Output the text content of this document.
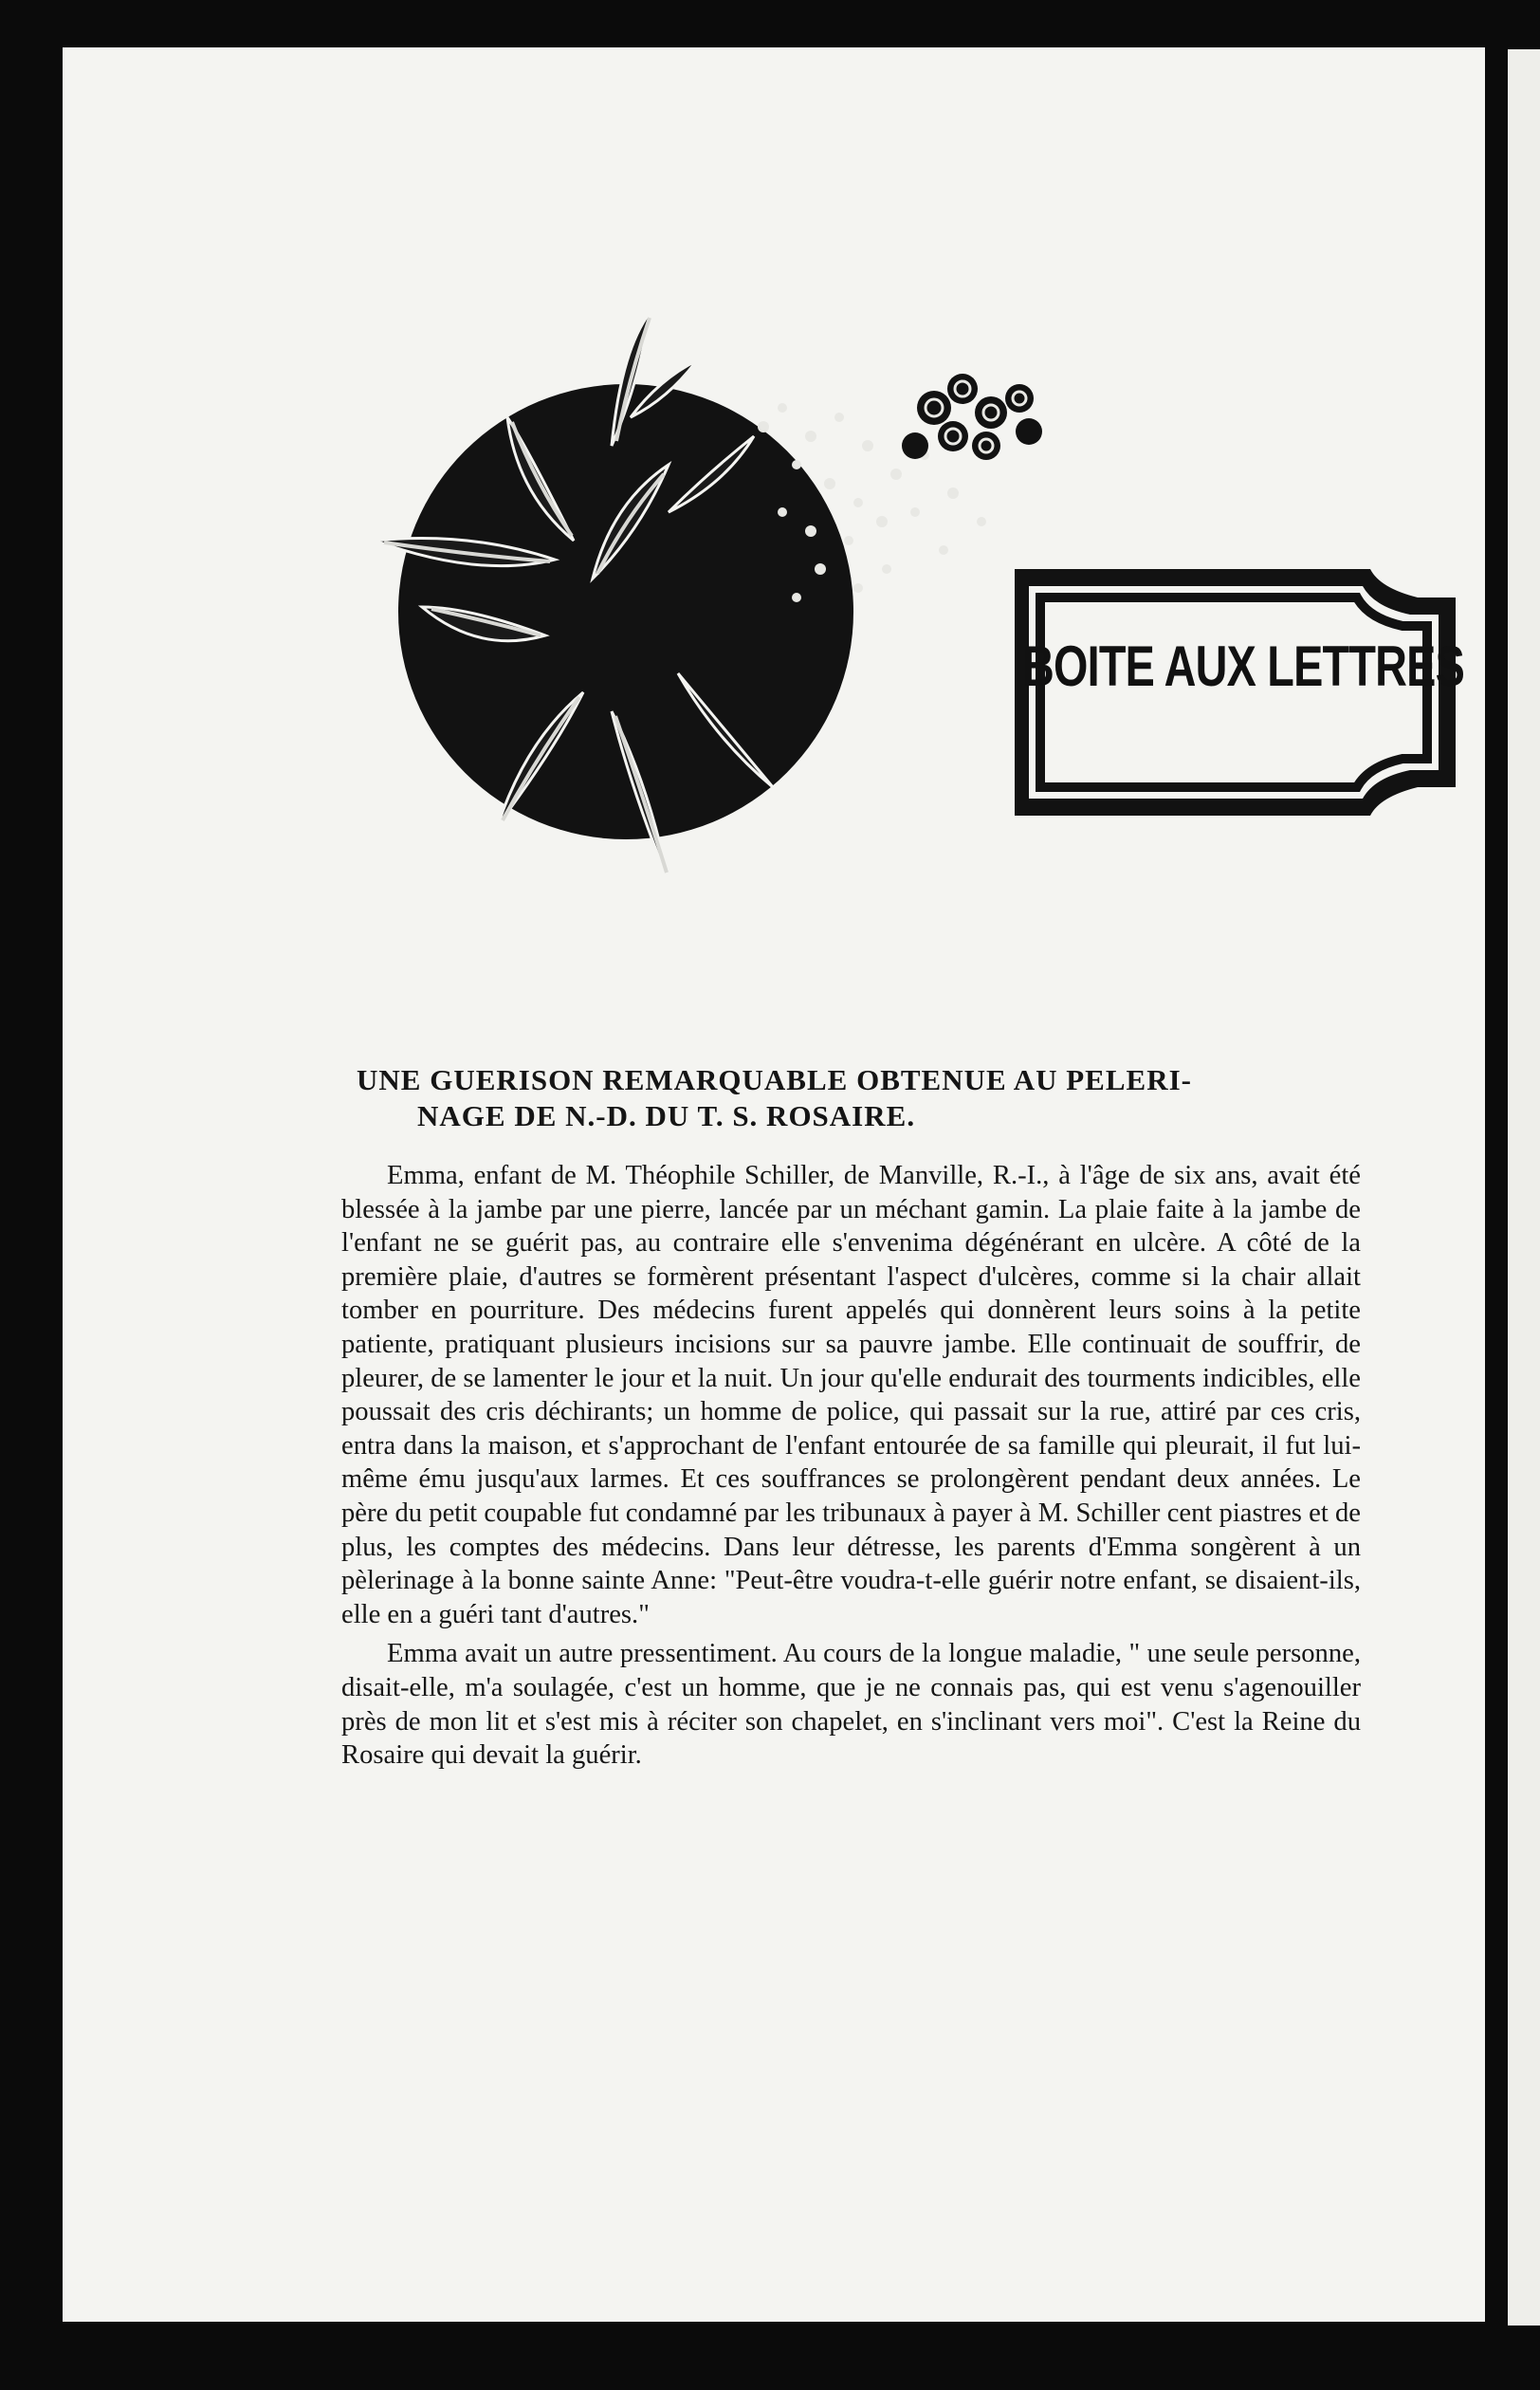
BOITE AUX LETTRES
UNE GUERISON REMARQUABLE OBTENUE AU PELERI-
NAGE DE N.-D. DU T. S. ROSAIRE.

Emma, enfant de M. Théophile Schiller, de Manville, R.-I., à l'âge de six ans, avait été blessée à la jambe par une pierre, lancée par un méchant gamin. La plaie faite à la jambe de l'enfant ne se guérit pas, au contraire elle s'envenima dégénérant en ulcère. A côté de la première plaie, d'autres se formèrent présentant l'aspect d'ulcères, comme si la chair allait tomber en pourriture. Des médecins furent appelés qui donnèrent leurs soins à la petite patiente, pratiquant plusieurs incisions sur sa pauvre jambe. Elle continuait de souffrir, de pleurer, de se lamenter le jour et la nuit. Un jour qu'elle endurait des tourments indicibles, elle poussait des cris déchirants; un homme de police, qui passait sur la rue, attiré par ces cris, entra dans la maison, et s'approchant de l'enfant entourée de sa famille qui pleurait, il fut lui-même ému jusqu'aux larmes. Et ces souffrances se prolongèrent pendant deux années. Le père du petit coupable fut condamné par les tribunaux à payer à M. Schiller cent piastres et de plus, les comptes des médecins. Dans leur détresse, les parents d'Emma songèrent à un pèlerinage à la bonne sainte Anne: "Peut-être voudra-t-elle guérir notre enfant, se disaient-ils, elle en a guéri tant d'autres."

Emma avait un autre pressentiment. Au cours de la longue maladie, " une seule personne, disait-elle, m'a soulagée, c'est un homme, que je ne connais pas, qui est venu s'agenouiller près de mon lit et s'est mis à réciter son chapelet, en s'inclinant vers moi". C'est la Reine du Rosaire qui devait la guérir.
